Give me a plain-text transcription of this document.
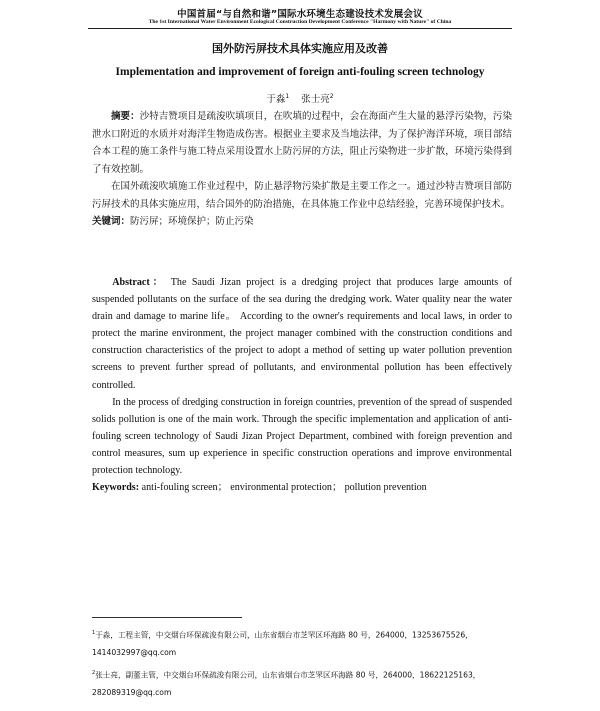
中国首届“与自然和谐”国际水环境生态建设技术发展会议
The 1st International Water Environment Ecological Construction Development Conference "Harmony with Nature" of China
国外防污屏技术具体实施应用及改善
Implementation and improvement of foreign anti-fouling screen technology
于淼$^1$ 张士亮$^2$

摘要：沙特吉赞项目是疏浚吹填项目，在吹填的过程中，会在海面产生大量的悬浮污染物，污染泄水口附近的水质并对海洋生物造成伤害。根据业主要求及当地法律，为了保护海洋环境，项目部结合本工程的施工条件与施工特点采用设置水上防污屏的方法，阻止污染物进一步扩散，环境污染得到了有效控制。

在国外疏浚吹填施工作业过程中，防止悬浮物污染扩散是主要工作之一。通过沙特吉赞项目部防污屏技术的具体实施应用，结合国外的防治措施，在具体施工作业中总结经验，完善环境保护技术。

关键词：防污屏；环境保护；防止污染

Abstract： The Saudi Jizan project is a dredging project that produces large amounts of suspended pollutants on the surface of the sea during the dredging work. Water quality near the water drain and damage to marine life。 According to the owner's requirements and local laws, in order to protect the marine environment, the project manager combined with the construction conditions and construction characteristics of the project to adopt a method of setting up water pollution prevention screens to prevent further spread of pollutants, and environmental pollution has been effectively controlled.

In the process of dredging construction in foreign countries, prevention of the spread of suspended solids pollution is one of the main work. Through the specific implementation and application of anti-fouling screen technology of Saudi Jizan Project Department, combined with foreign prevention and control measures, sum up experience in specific construction operations and improve environmental protection technology.

Keywords: anti-fouling screen； environmental protection； pollution prevention

$^1$于淼，工程主管，中交烟台环保疏浚有限公司，山东省烟台市芝罘区环海路 80 号，264000，13253675526，1414032997@qq.com
$^2$张士亮，副董主管，中交烟台环保疏浚有限公司，山东省烟台市芝罘区环海路 80 号，264000，18622125163，282089319@qq.com
